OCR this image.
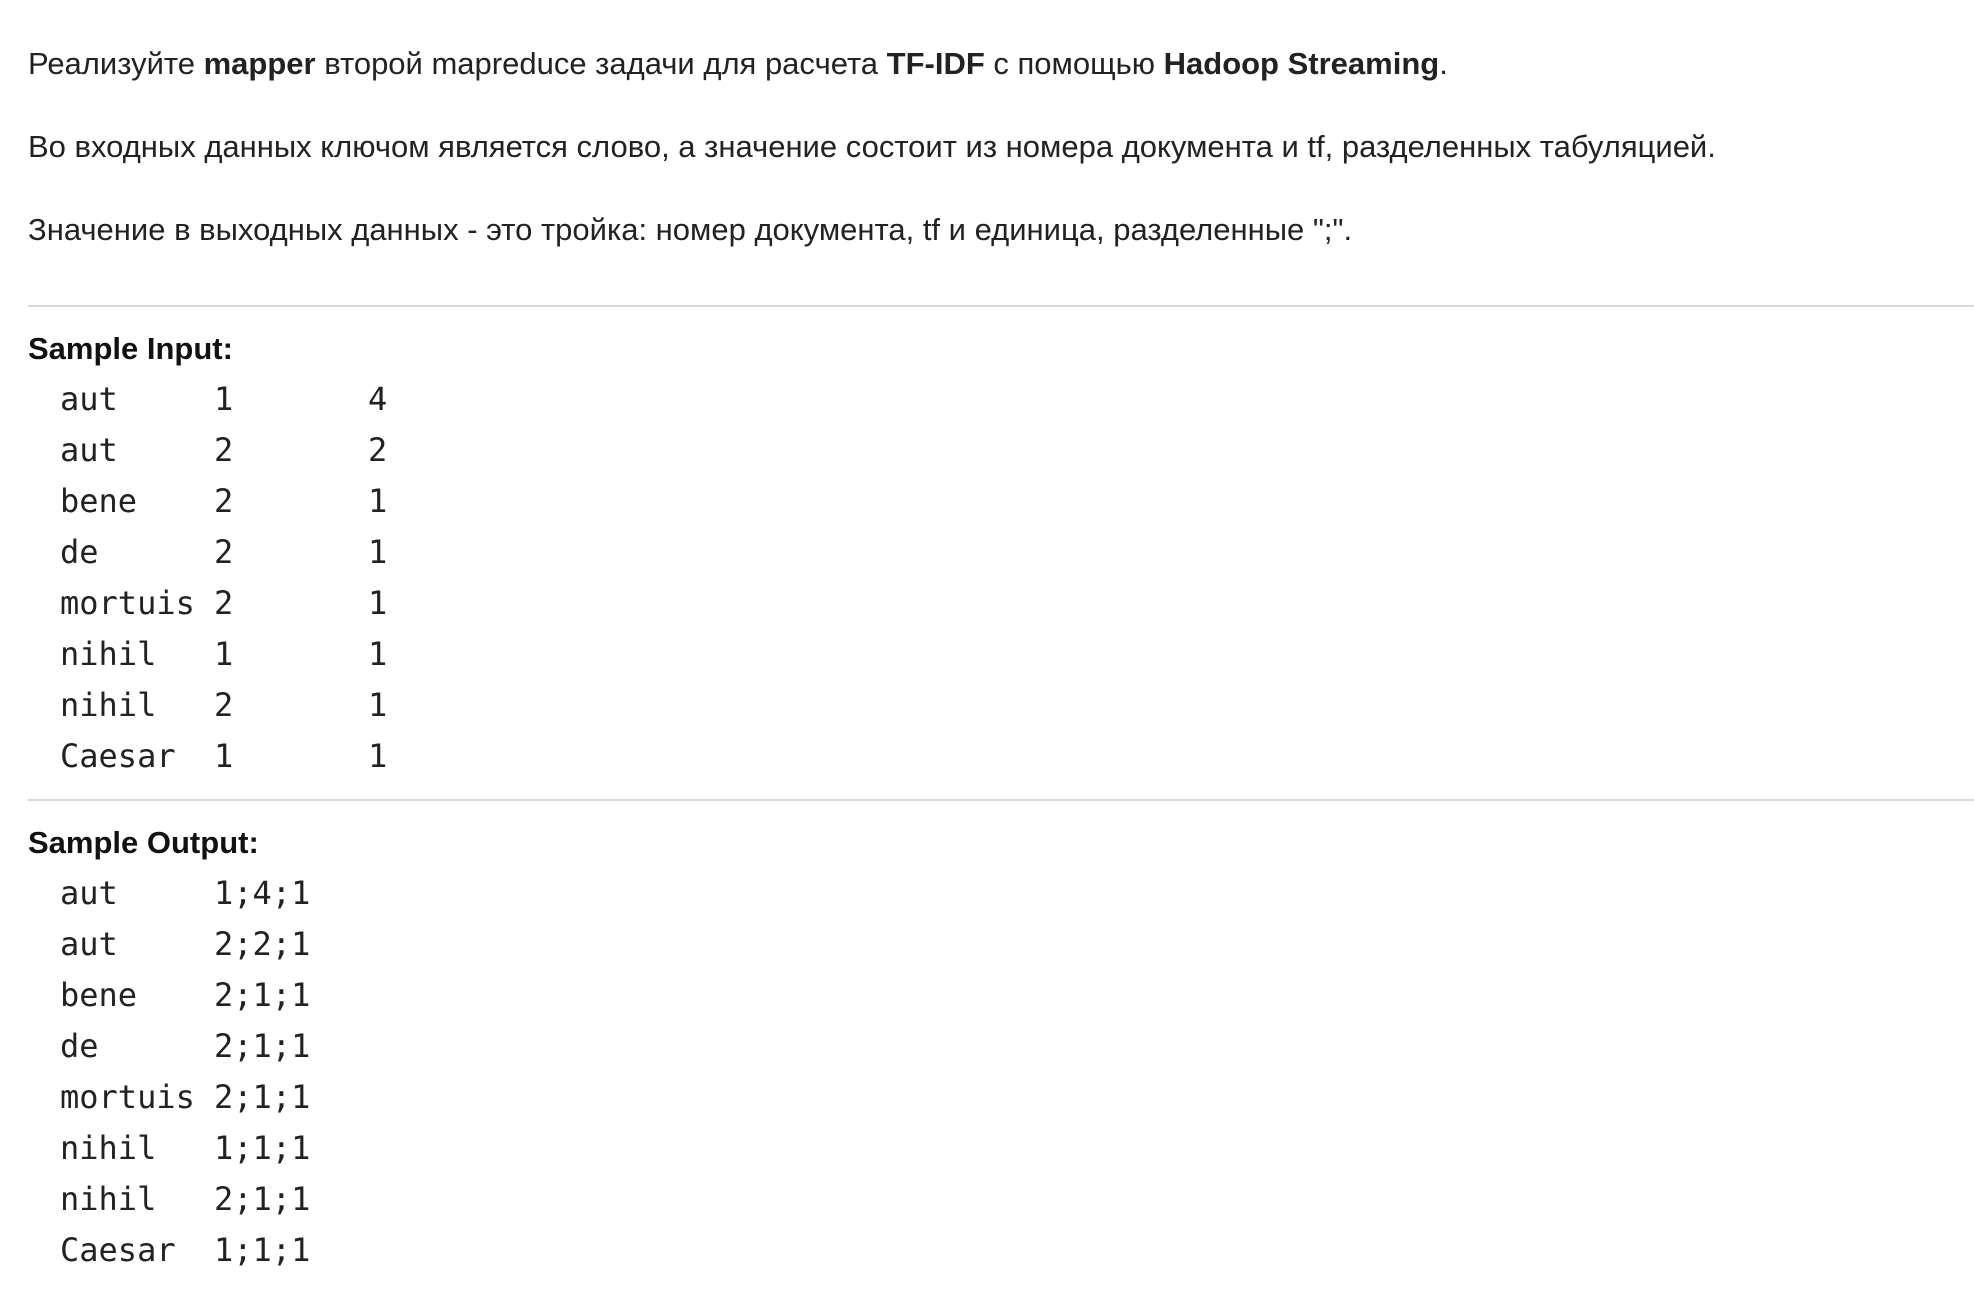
Реализуйте mapper второй mapreduce задачи для расчета TF-IDF с помощью Hadoop Streaming.

Во входных данных ключом является слово, а значение состоит из номера документа и tf, разделенных табуляцией.

Значение в выходных данных - это тройка: номер документа, tf и единица, разделенные ";".

Sample Input:
aut	1	4
aut	2	2
bene	2	1
de	2	1
mortuis	2	1
nihil	1	1
nihil	2	1
Caesar	1	1
Sample Output:
aut	1;4;1
aut	2;2;1
bene	2;1;1
de	2;1;1
mortuis	2;1;1
nihil	1;1;1
nihil	2;1;1
Caesar	1;1;1
